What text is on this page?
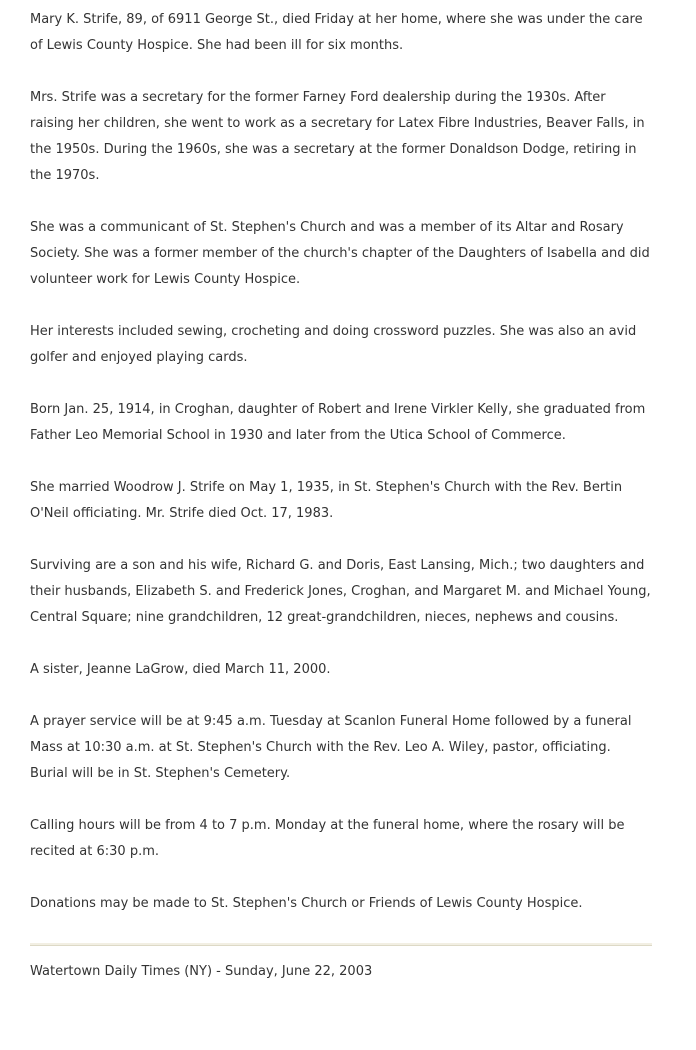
Mary K. Strife, 89, of 6911 George St., died Friday at her home, where she was under the care of Lewis County Hospice. She had been ill for six months.

Mrs. Strife was a secretary for the former Farney Ford dealership during the 1930s. After raising her children, she went to work as a secretary for Latex Fibre Industries, Beaver Falls, in the 1950s. During the 1960s, she was a secretary at the former Donaldson Dodge, retiring in the 1970s.

She was a communicant of St. Stephen's Church and was a member of its Altar and Rosary Society. She was a former member of the church's chapter of the Daughters of Isabella and did volunteer work for Lewis County Hospice.

Her interests included sewing, crocheting and doing crossword puzzles. She was also an avid golfer and enjoyed playing cards.

Born Jan. 25, 1914, in Croghan, daughter of Robert and Irene Virkler Kelly, she graduated from Father Leo Memorial School in 1930 and later from the Utica School of Commerce.

She married Woodrow J. Strife on May 1, 1935, in St. Stephen's Church with the Rev. Bertin O'Neil officiating. Mr. Strife died Oct. 17, 1983.

Surviving are a son and his wife, Richard G. and Doris, East Lansing, Mich.; two daughters and their husbands, Elizabeth S. and Frederick Jones, Croghan, and Margaret M. and Michael Young, Central Square; nine grandchildren, 12 great-grandchildren, nieces, nephews and cousins.

A sister, Jeanne LaGrow, died March 11, 2000.

A prayer service will be at 9:45 a.m. Tuesday at Scanlon Funeral Home followed by a funeral Mass at 10:30 a.m. at St. Stephen's Church with the Rev. Leo A. Wiley, pastor, officiating. Burial will be in St. Stephen's Cemetery.

Calling hours will be from 4 to 7 p.m. Monday at the funeral home, where the rosary will be recited at 6:30 p.m.

Donations may be made to St. Stephen's Church or Friends of Lewis County Hospice.

Watertown Daily Times (NY) - Sunday, June 22, 2003
